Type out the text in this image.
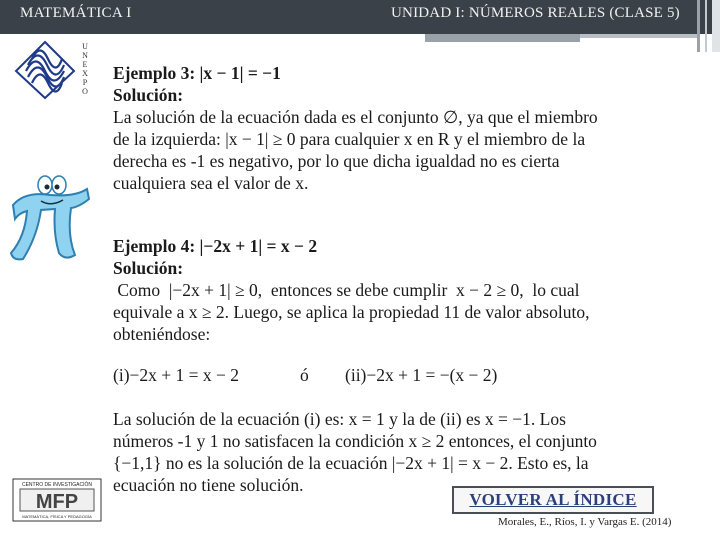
MATEMÁTICA I	UNIDAD I: NÚMEROS REALES (CLASE 5)
U
N
E
X
P
O

Ejemplo 3: |x − 1| = −1

Solución:

La solución de la ecuación dada es el conjunto ∅, ya que el miembro

de la izquierda: |x − 1| ≥ 0 para cualquier x en R y el miembro de la

derecha es -1 es negativo, por lo que dicha igualdad no es cierta

cualquiera sea el valor de x.

Ejemplo 4: |−2x + 1| = x − 2

Solución:

Como  |−2x + 1| ≥ 0,  entonces se debe cumplir  x − 2 ≥ 0,  lo cual

equivale a x ≥ 2. Luego, se aplica la propiedad 11 de valor absoluto,

obteniéndose:

(i)−2x + 1 = x − 2	ó (ii)−2x + 1 = −(x − 2)

La solución de la ecuación (i) es: x = 1 y la de (ii) es x = −1. Los

números -1 y 1 no satisfacen la condición x ≥ 2 entonces, el conjunto

{−1,1} no es la solución de la ecuación |−2x + 1| = x − 2. Esto es, la

ecuación no tiene solución.

CENTRO DE INVESTIGACIÓN
MFP
MATEMÁTICA, FÍSICA Y PEDAGOGÍA
VOLVER AL ÍNDICE
Morales, E., Ríos, I. y Vargas E. (2014)
